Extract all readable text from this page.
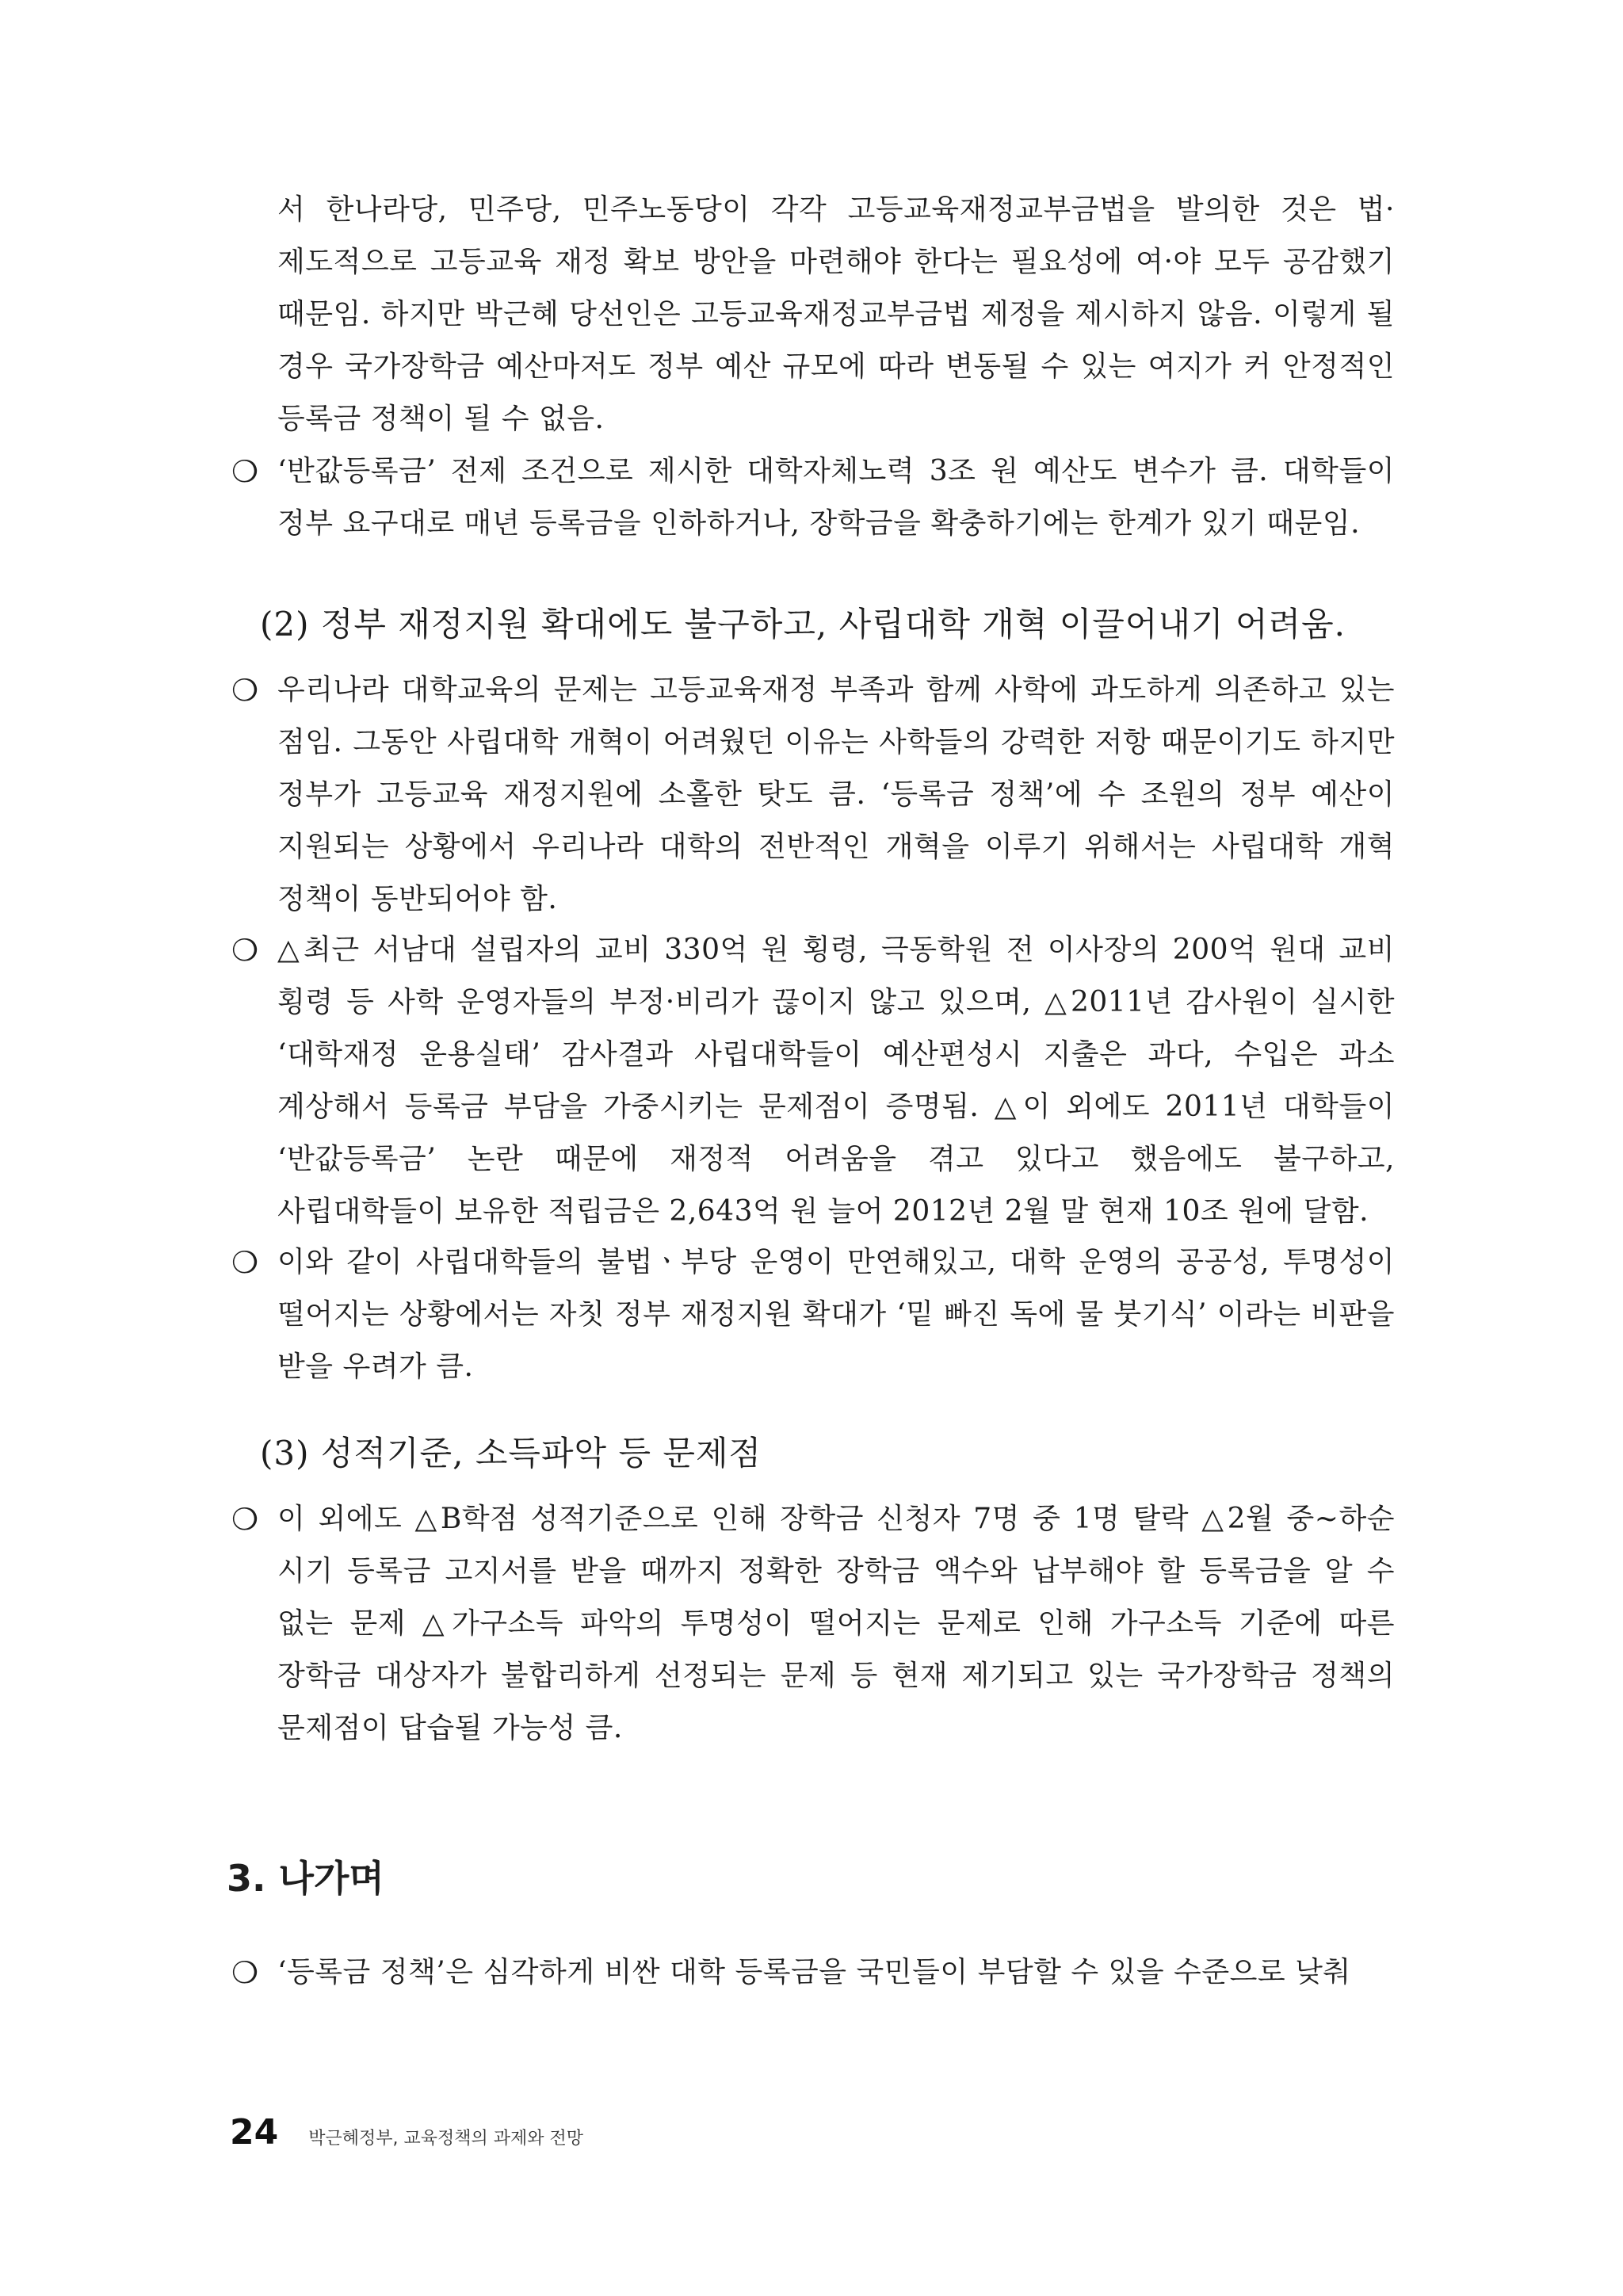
서 한나라당, 민주당, 민주노동당이 각각 고등교육재정교부금법을 발의한 것은 법·제도적으로 고등교육 재정 확보 방안을 마련해야 한다는 필요성에 여·야 모두 공감했기 때문임. 하지만 박근혜 당선인은 고등교육재정교부금법 제정을 제시하지 않음. 이렇게 될 경우 국가장학금 예산마저도 정부 예산 규모에 따라 변동될 수 있는 여지가 커 안정적인 등록금 정책이 될 수 없음.

❍ ‘반값등록금’ 전제 조건으로 제시한 대학자체노력 3조 원 예산도 변수가 큼. 대학들이 정부 요구대로 매년 등록금을 인하하거나, 장학금을 확충하기에는 한계가 있기 때문임.

(2) 정부 재정지원 확대에도 불구하고, 사립대학 개혁 이끌어내기 어려움.
❍ 우리나라 대학교육의 문제는 고등교육재정 부족과 함께 사학에 과도하게 의존하고 있는 점임. 그동안 사립대학 개혁이 어려웠던 이유는 사학들의 강력한 저항 때문이기도 하지만 정부가 고등교육 재정지원에 소홀한 탓도 큼. ‘등록금 정책’에 수 조원의 정부 예산이 지원되는 상황에서 우리나라 대학의 전반적인 개혁을 이루기 위해서는 사립대학 개혁 정책이 동반되어야 함.

❍ △최근 서남대 설립자의 교비 330억 원 횡령, 극동학원 전 이사장의 200억 원대 교비 횡령 등 사학 운영자들의 부정·비리가 끊이지 않고 있으며, △2011년 감사원이 실시한 ‘대학재정 운용실태’ 감사결과 사립대학들이 예산편성시 지출은 과다, 수입은 과소 계상해서 등록금 부담을 가중시키는 문제점이 증명됨. △이 외에도 2011년 대학들이 ‘반값등록금’ 논란 때문에 재정적 어려움을 겪고 있다고 했음에도 불구하고, 사립대학들이 보유한 적립금은 2,643억 원 늘어 2012년 2월 말 현재 10조 원에 달함.

❍ 이와 같이 사립대학들의 불법ㆍ부당 운영이 만연해있고, 대학 운영의 공공성, 투명성이 떨어지는 상황에서는 자칫 정부 재정지원 확대가 ‘밑 빠진 독에 물 붓기식’ 이라는 비판을 받을 우려가 큼.

(3) 성적기준, 소득파악 등 문제점
❍ 이 외에도 △B학점 성적기준으로 인해 장학금 신청자 7명 중 1명 탈락 △2월 중~하순 시기 등록금 고지서를 받을 때까지 정확한 장학금 액수와 납부해야 할 등록금을 알 수 없는 문제 △가구소득 파악의 투명성이 떨어지는 문제로 인해 가구소득 기준에 따른 장학금 대상자가 불합리하게 선정되는 문제 등 현재 제기되고 있는 국가장학금 정책의 문제점이 답습될 가능성 큼.

3. 나가며
❍ ‘등록금 정책’은 심각하게 비싼 대학 등록금을 국민들이 부담할 수 있을 수준으로 낮춰

24 박근혜정부, 교육정책의 과제와 전망
